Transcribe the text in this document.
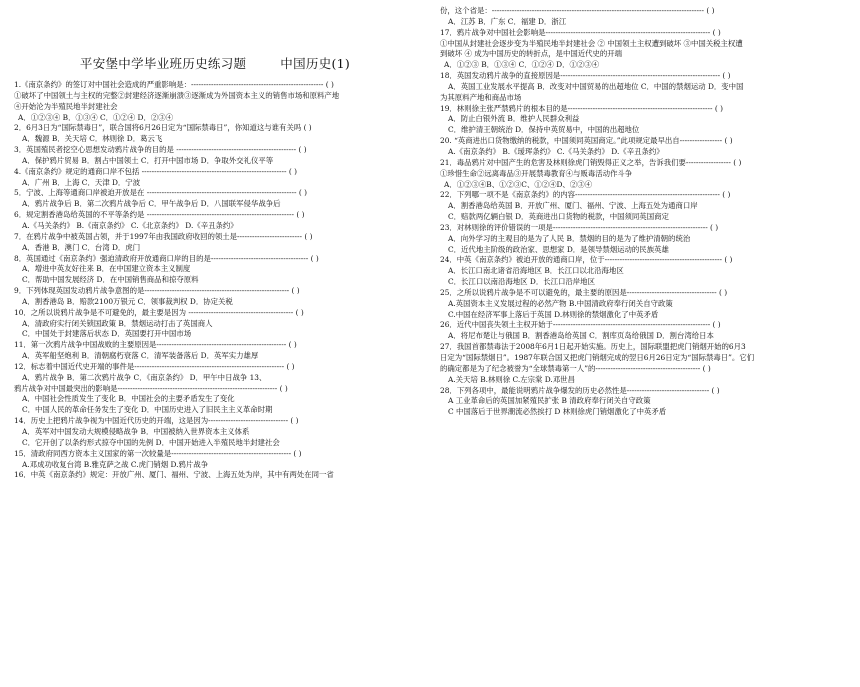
平安堡中学毕业班历史练习题	中国历史(1)
1.《南京条约》的签订对中国社会造成的严重影响是：----------------------------------------------------- ( )
①破坏了中国领土与主权的完整②封建经济逐渐崩溃③逐渐成为外国资本主义的销售市场和原料产地
④开始沦为半殖民地半封建社会
A．①②③④ B．①③④ C．①②④ D．②③④
2．6月3日为“国际禁毒日”，联合国将6月26日定为“国际禁毒日”，你知道这与谁有关吗 ( )
A．魏源 B．关天培 C．林则徐 D．葛云飞
3．英国殖民者挖空心思想发动鸦片战争的目的是 ------------------------------------------------ ( )
A．保护鸦片贸易 B．割占中国领土 C．打开中国市场 D．争取外交礼仪平等
4.《南京条约》规定的通商口岸不包括 ---------------------------------------------------------- ( )
A．广州 B．上海 C．天津 D．宁波
5．宁波、上海等通商口岸被迫开放是在 ------------------------------------------------------------ ( )
A．鸦片战争后 B．第二次鸦片战争后 C．甲午战争后 D．八国联军侵华战争后
6．规定割香港岛给英国的不平等条约是 ----------------------------------------------------------- ( )
A.《马关条约》 B.《南京条约》 C.《北京条约》 D.《辛丑条约》
7．在鸦片战争中被英国占领，并于1997年由我国政府收回的领土是-------------------------- ( )
A．香港 B．澳门 C．台湾 D．虎门
8．英国通过《南京条约》强迫清政府开放通商口岸的目的是--------------------------------------- ( )
A．增进中英友好往来 B．在中国建立资本主义制度
C．帮助中国发展经济 D．在中国销售商品和掠夺原料
9．下列体现英国发动鸦片战争意图的是---------------------------------------------------------- ( )
A．割香港岛 B．赔款2100万银元 C．领事裁判权 D．协定关税
10．之所以说鸦片战争是不可避免的，最主要是因为 ------------------------------------------ ( )
A．清政府实行闭关锁国政策 B．禁烟运动打击了英国商人
C．中国处于封建落后状态 D．英国要打开中国市场
11．第一次鸦片战争中国战败的主要原因是---------------------------------------------------- ( )
A．英军船坚炮利 B．清朝腐朽衰落 C．清军装备落后 D．英军实力雄厚
12．标志着中国近代史开端的事件是------------------------------------------------------------ ( )
A．鸦片战争 B．第二次鸦片战争 C．《南京条约》 D．甲午中日战争 13、
鸦片战争对中国最突出的影响是---------------------------------------------------------------- ( )
A．中国社会性质发生了变化 B．中国社会的主要矛盾发生了变化
C．中国人民的革命任务发生了变化 D．中国历史进入了旧民主主义革命时期
14．历史上把鸦片战争视为中国近代历史的开端，这是因为-------------------------------- ( )
A．英军对中国发动大规模侵略战争 B．中国被纳入世界资本主义体系
C．它开创了以条约形式掠夺中国的先例 D．中国开始进入半殖民地半封建社会
15．清政府同西方资本主义国家的第一次较量是------------------------------------------------ ( )
A.邓成功收复台湾 B.雅克萨之战 C.虎门销烟 D.鸦片战争
16．中英《南京条约》规定：开放广州、厦门、福州、宁波、上海五处为岸，其中有两处在同一省
份，这个省是：------------------------------------------------------------------------------------- ( )
A．江苏 B．广东 C．福建 D．浙江
17．鸦片战争对中国社会影响是------------------------------------------------------------------ ( )
①中国从封建社会逐步变为半殖民地半封建社会 ② 中国领土主权遭到破坏 ③中国关税主权遭
到破坏 ④ 成为中国历史的转折点，是中国近代史的开端
A．①②③ B．①③④ C．①②④ D．①②③④
18．英国发动鸦片战争的直接原因是---------------------------------------------------------------- ( )
A．英国工业发展水平提高 B．改变对中国贸易的出超地位 C．中国的禁烟运动 D．变中国
为其原料产地和商品市场
19．林则徐主张严禁鸦片的根本目的是---------------------------------------------------------- ( )
A．防止白银外流 B．维护人民群众利益
C．维护清王朝统治 D．保持中英贸易中，中国的出超地位
20. “英商进出口货物缴纳的税款，中国须同英国商定。”此项规定最早出自----------------- ( )
A.《南京条约》 B.《瑷珲条约》 C.《马关条约》 D.《辛丑条约》
21．毒品鸦片对中国产生的危害及林则徐虎门销毁得正义之举，告诉我们要------------------ ( )
①珍惜生命②远离毒品③开展禁毒教育④与贩毒活动作斗争
A．①②③④B、①②③C、①②④D、②③④
22．下列哪一项不是《南京条约》的内容---------------------------------------------------------- ( )
A．割香港岛给英国 B．开放广州、厦门、福州、宁波、上海五处为通商口岸
C．赔款两亿辆白银 D．英商进出口货物的税款，中国须同英国商定
23．对林则徐的评价错误的一项是-------------------------------------------------------------- ( )
A．向外学习的主观目的是为了人民 B．禁烟的目的是为了维护清朝的统治
C．近代地主阶级的政治家、思想家 D．是领导禁烟运动的民族英雄
24．中英《南京条约》被迫开放的通商口岸，位于----------------------------------------------- ( )
A．长江口南北诸省沿海地区 B．长江口以北沿海地区
C．长江口以南沿海地区 D．长江口沿岸地区
25．之所以说鸦片战争是不可以避免的，最主要的原因是------------------------------------ ( )
A.英国资本主义发展过程的必然产物 B.中国清政府奉行闭关自守政策
C.中国在经济军事上落后于英国 D.林则徐的禁烟激化了中英矛盾
26．近代中国丧失领土主权开始于--------------------------------------------------------------- ( )
A．将尼布楚让与俄国 B．割香港岛给英国 C．割库页岛给俄国 D．割台湾给日本
27．我国首都禁毒法于2008年6月1日起开始实施。历史上，国际联盟把虎门销烟开始的6月3
日定为“国际禁烟日”。1987年联合国又把虎门销烟完成的翌日6月26日定为“国际禁毒日”。它们
的确定都是为了纪念被誉为“全球禁毒第一人”的------------------------------------------ ( )
A.关天培 B.林则徐 C.左宗棠 D.邓世昌
28．下列各项中，最能说明鸦片战争爆发的历史必然性是--------------------------------- ( )
A 工业革命后的英国加紧殖民扩张 B 清政府奉行闭关自守政策
C 中国落后于世界潮流必然挨打 D 林则徐虎门销烟激化了中英矛盾
